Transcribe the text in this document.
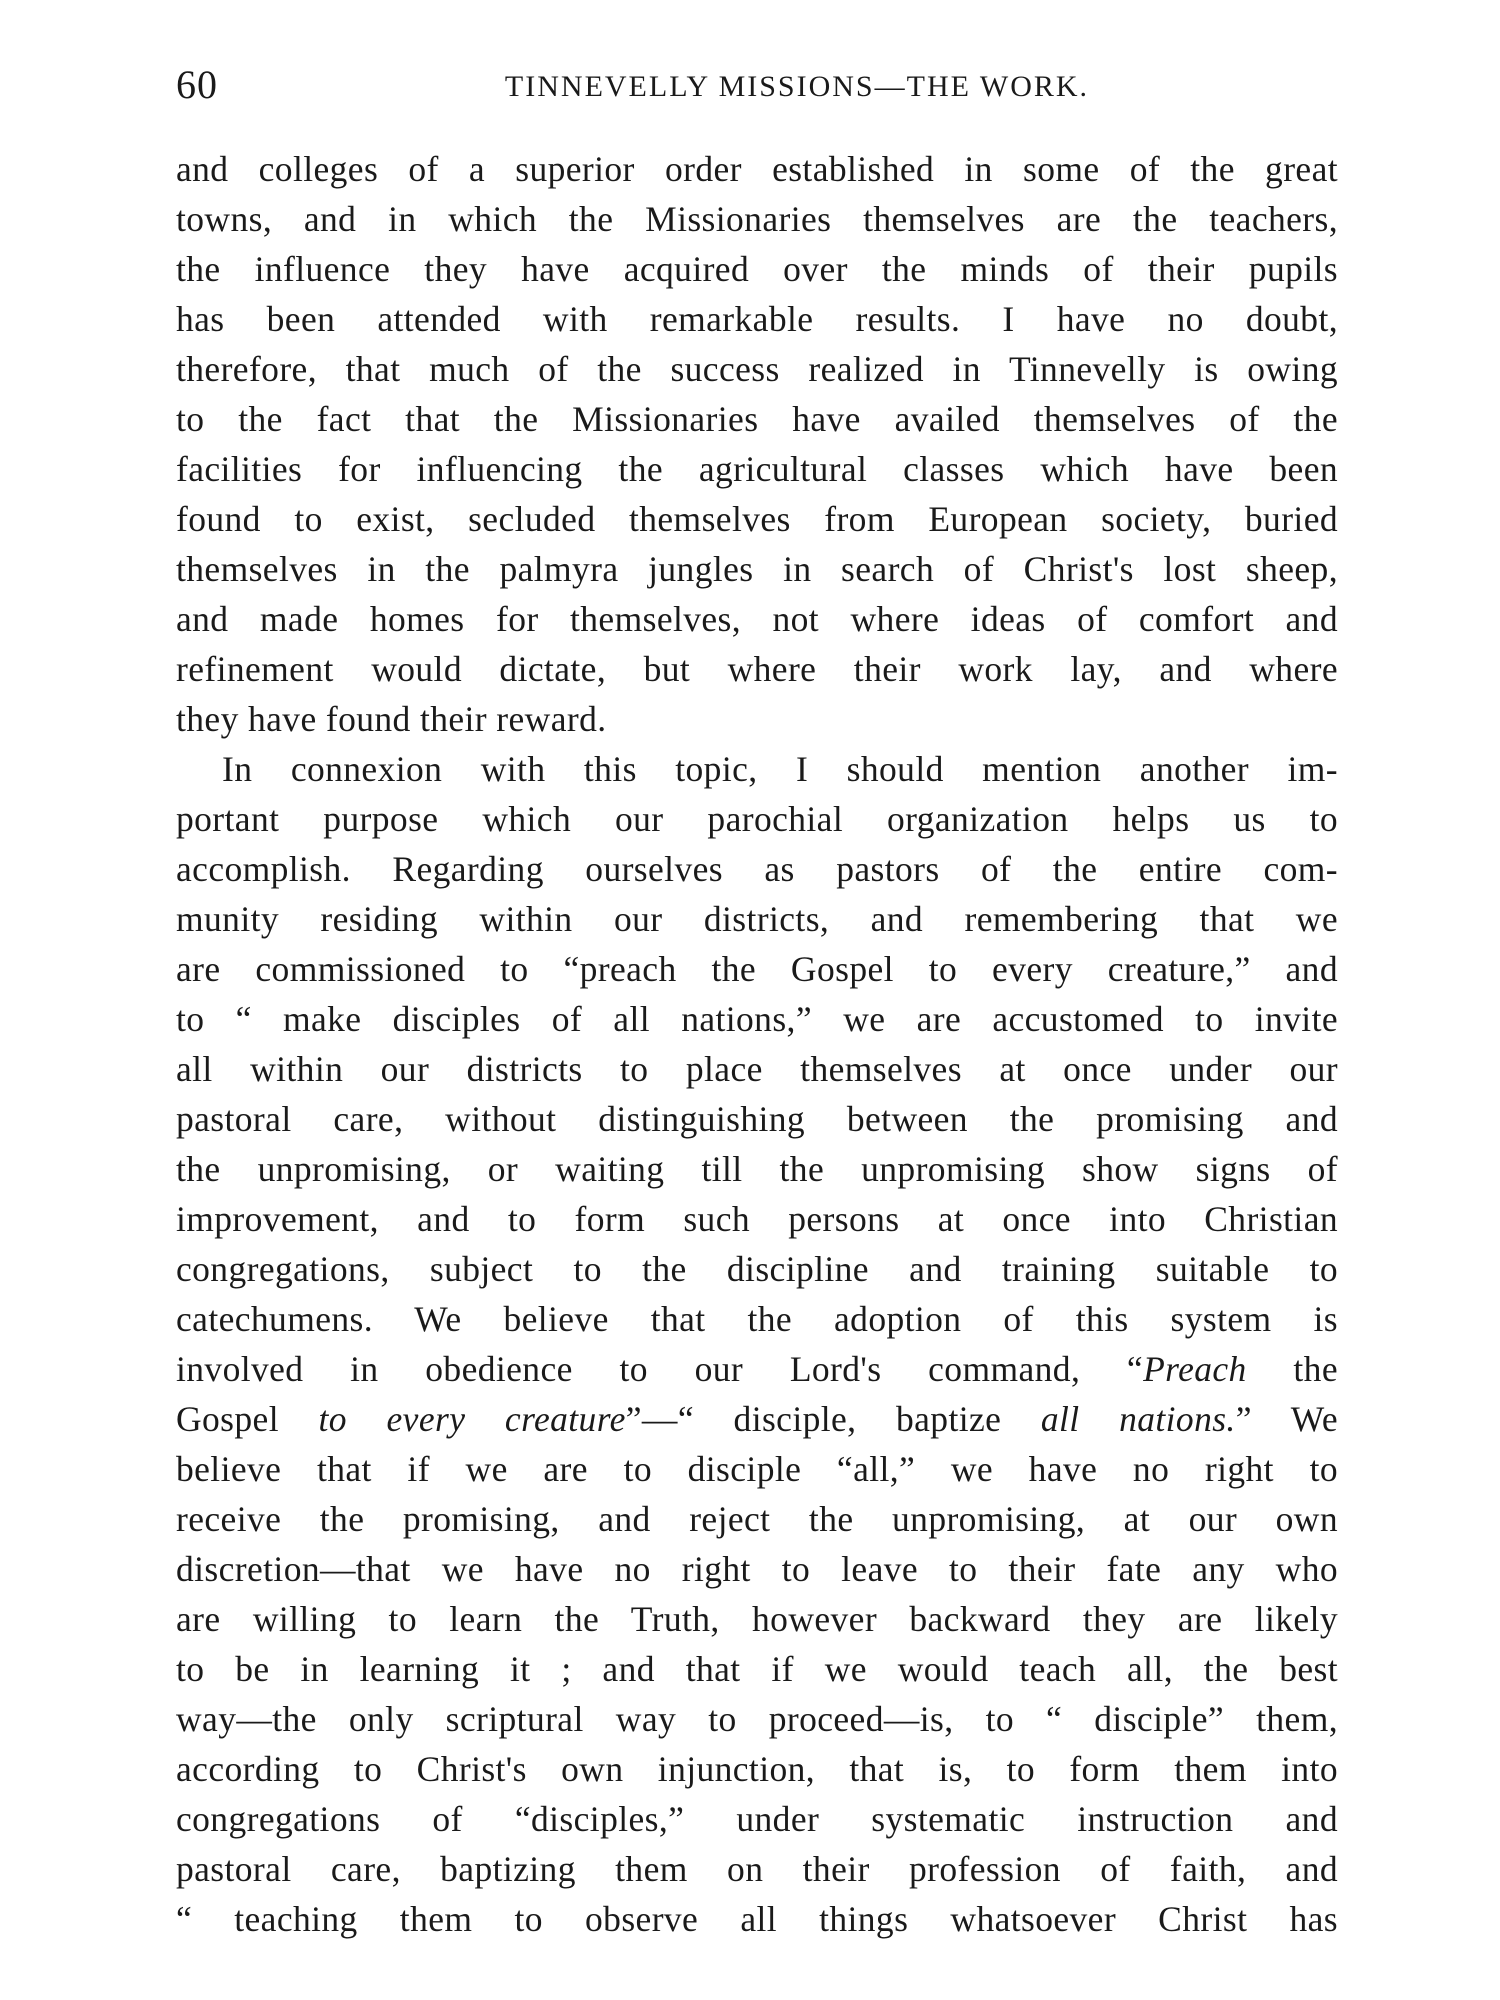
60	TINNEVELLY MISSIONS—THE WORK.
and colleges of a superior order established in some of the great
towns, and in which the Missionaries themselves are the teachers,
the influence they have acquired over the minds of their pupils
has been attended with remarkable results. I have no doubt,
therefore, that much of the success realized in Tinnevelly is owing
to the fact that the Missionaries have availed themselves of the
facilities for influencing the agricultural classes which have been
found to exist, secluded themselves from European society, buried
themselves in the palmyra jungles in search of Christ's lost sheep,
and made homes for themselves, not where ideas of comfort and
refinement would dictate, but where their work lay, and where
they have found their reward.
In connexion with this topic, I should mention another im-
portant purpose which our parochial organization helps us to
accomplish. Regarding ourselves as pastors of the entire com-
munity residing within our districts, and remembering that we
are commissioned to “preach the Gospel to every creature,” and
to “ make disciples of all nations,” we are accustomed to invite
all within our districts to place themselves at once under our
pastoral care, without distinguishing between the promising and
the unpromising, or waiting till the unpromising show signs of
improvement, and to form such persons at once into Christian
congregations, subject to the discipline and training suitable to
catechumens. We believe that the adoption of this system is
involved in obedience to our Lord's command, “Preach the
Gospel to every creature”—“ disciple, baptize all nations.” We
believe that if we are to disciple “all,” we have no right to
receive the promising, and reject the unpromising, at our own
discretion—that we have no right to leave to their fate any who
are willing to learn the Truth, however backward they are likely
to be in learning it ; and that if we would teach all, the best
way—the only scriptural way to proceed—is, to “ disciple” them,
according to Christ's own injunction, that is, to form them into
congregations of “disciples,” under systematic instruction and
pastoral care, baptizing them on their profession of faith, and
“ teaching them to observe all things whatsoever Christ has
